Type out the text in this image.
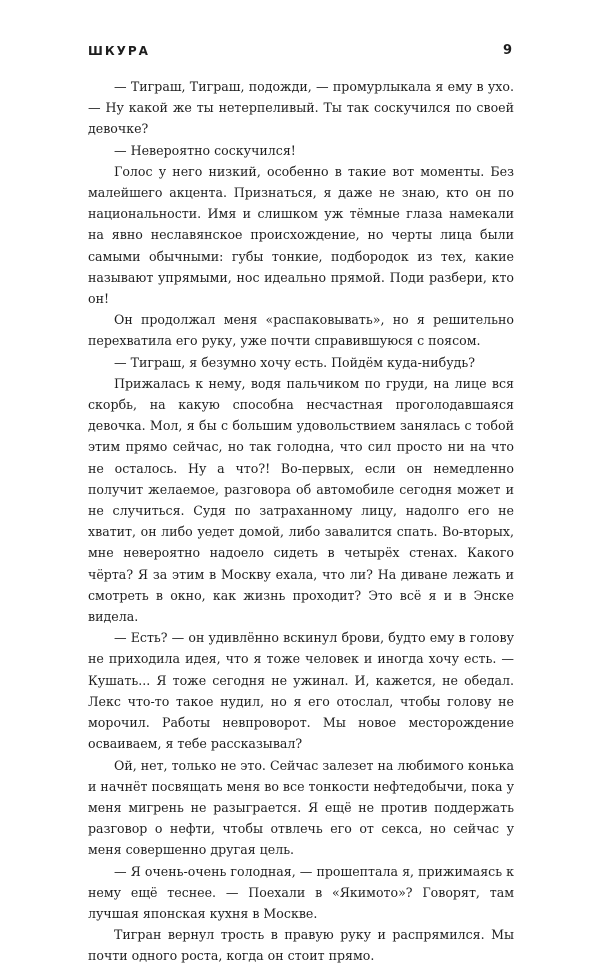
ШКУРА	9

— Тиграш, Тиграш, подожди, — промурлыкала я ему в ухо. — Ну какой же ты нетерпеливый. Ты так соскучился по своей девочке?

— Невероятно соскучился!

Голос у него низкий, особенно в такие вот моменты. Без малейшего акцента. Признаться, я даже не знаю, кто он по национальности. Имя и слишком уж тёмные глаза намекали на явно неславянское происхождение, но черты лица были самыми обычными: губы тонкие, подбородок из тех, какие называют упрямыми, нос идеально прямой. Поди разбери, кто он!

Он продолжал меня «распаковывать», но я решительно перехватила его руку, уже почти справившуюся с поясом.

— Тиграш, я безумно хочу есть. Пойдём куда-нибудь?

Прижалась к нему, водя пальчиком по груди, на лице вся скорбь, на какую способна несчастная проголодавшаяся девочка. Мол, я бы с большим удовольствием занялась с тобой этим прямо сейчас, но так голодна, что сил просто ни на что не осталось. Ну а что?! Во-первых, если он немедленно получит желаемое, разговора об автомобиле сегодня может и не случиться. Судя по затраханному лицу, надолго его не хватит, он либо уедет домой, либо завалится спать. Во-вторых, мне невероятно надоело сидеть в четырёх стенах. Какого чёрта? Я за этим в Москву ехала, что ли? На диване лежать и смотреть в окно, как жизнь проходит? Это всё я и в Энске видела.

— Есть? — он удивлённо вскинул брови, будто ему в голову не приходила идея, что я тоже человек и иногда хочу есть. — Кушать... Я тоже сегодня не ужинал. И, кажется, не обедал. Лекс что-то такое нудил, но я его отослал, чтобы голову не морочил. Работы невпроворот. Мы новое месторождение осваиваем, я тебе рассказывал?

Ой, нет, только не это. Сейчас залезет на любимого конька и начнёт посвящать меня во все тонкости нефтедобычи, пока у меня мигрень не разыграется. Я ещё не против поддержать разговор о нефти, чтобы отвлечь его от секса, но сейчас у меня совершенно другая цель.

— Я очень-очень голодная, — прошептала я, прижимаясь к нему ещё теснее. — Поехали в «Якимото»? Говорят, там лучшая японская кухня в Москве.

Тигран вернул трость в правую руку и распрямился. Мы почти одного роста, когда он стоит прямо.
